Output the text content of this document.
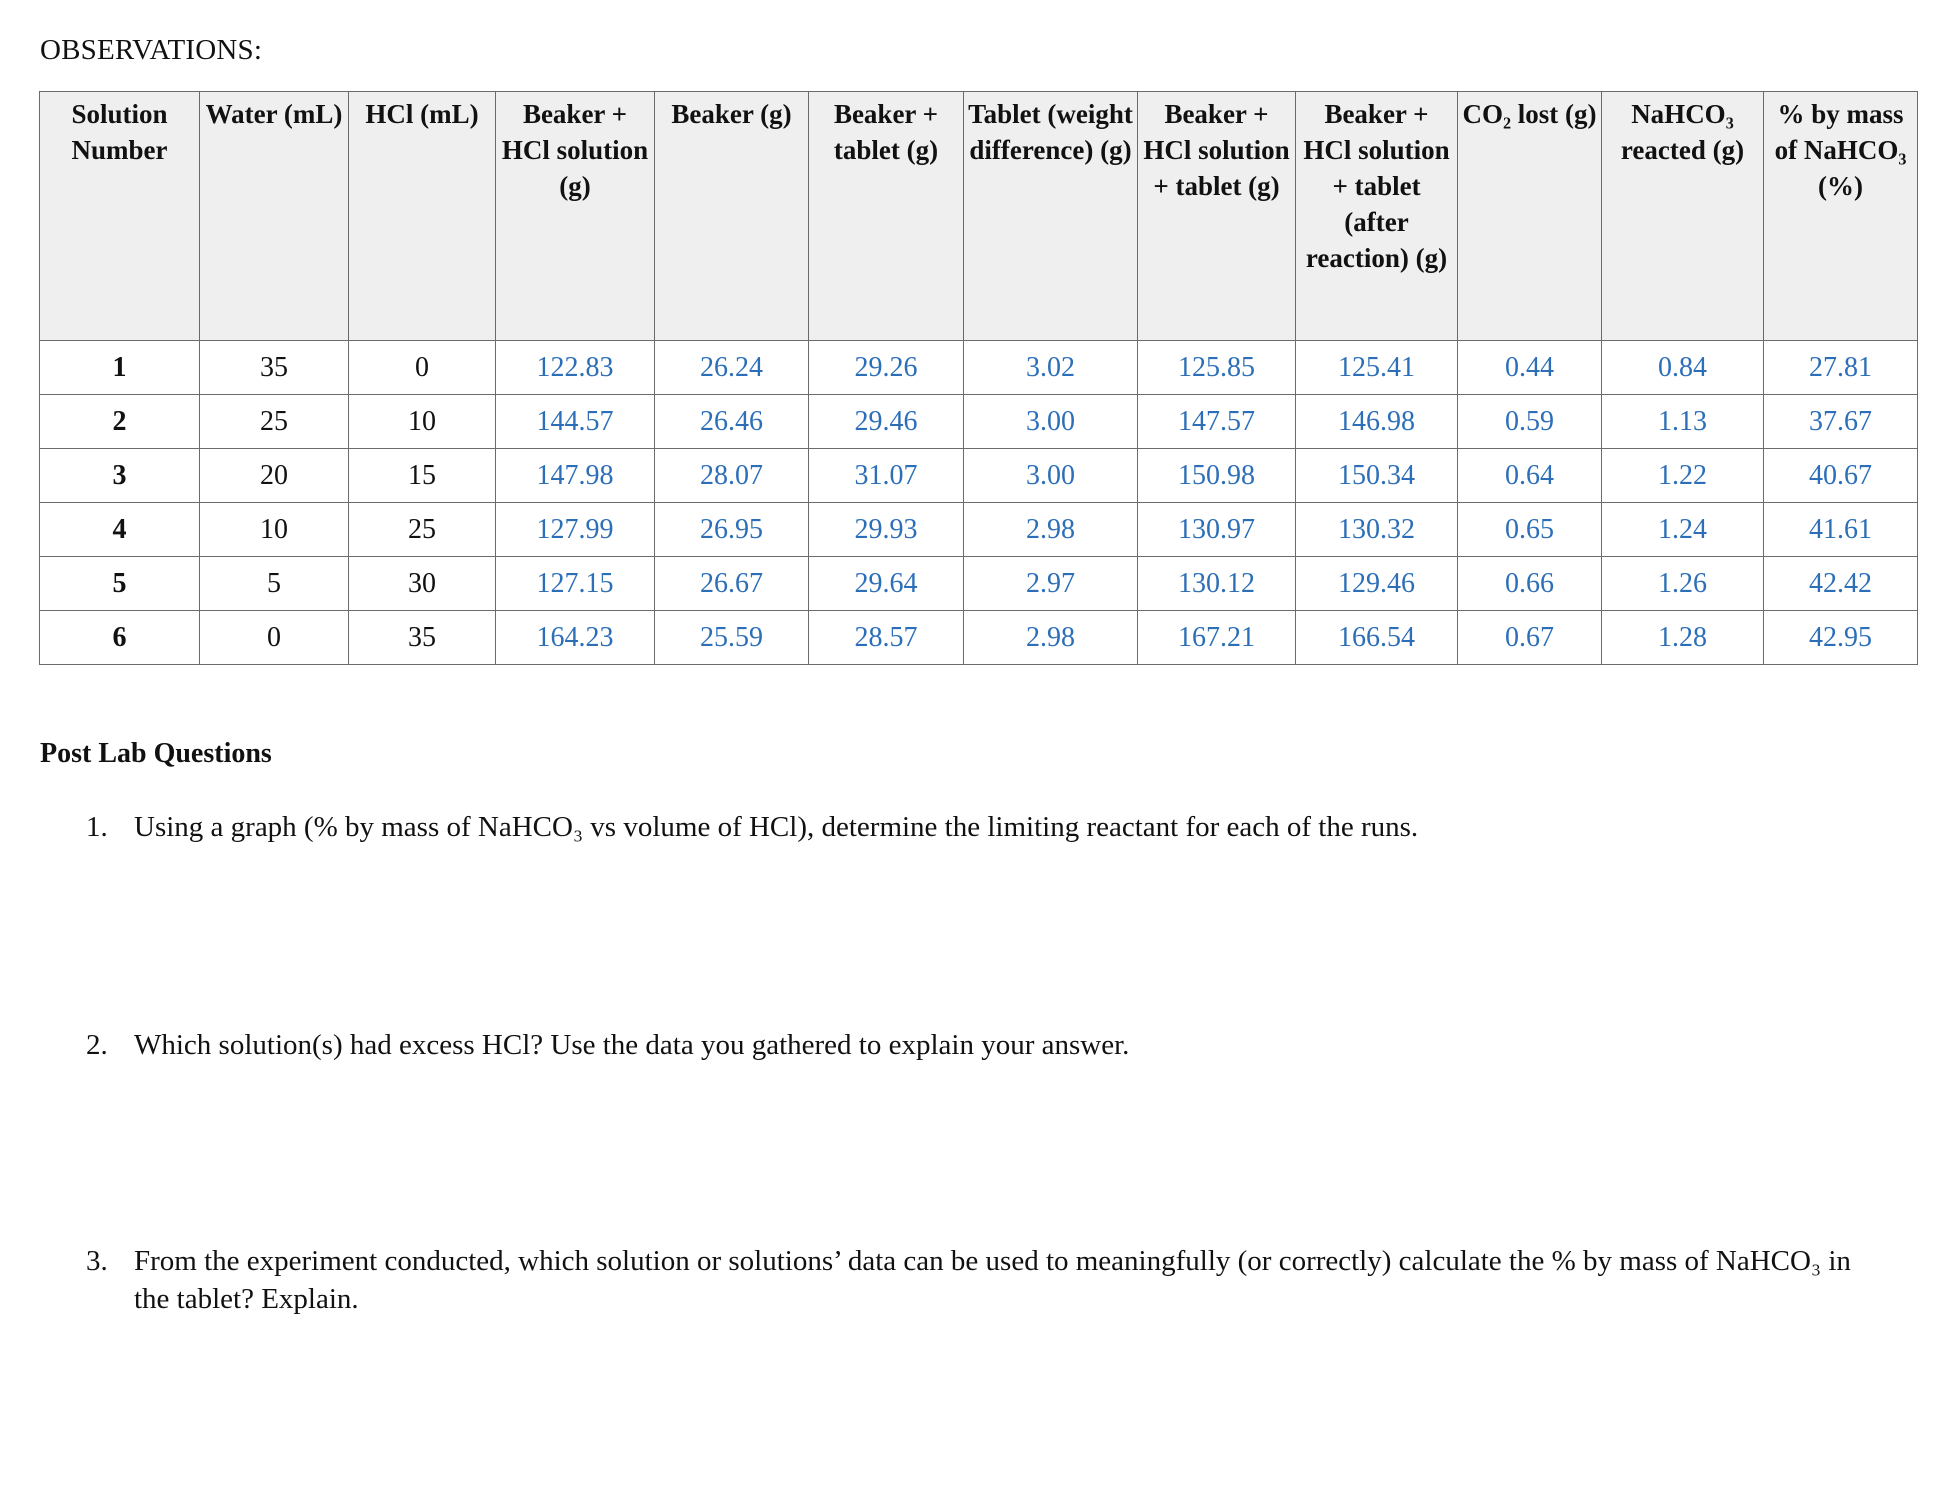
OBSERVATIONS:
Solution Number	Water (mL)	HCl (mL)	Beaker + HCl solution (g)	Beaker (g)	Beaker + tablet (g)	Tablet (weight difference) (g)	Beaker + HCl solution + tablet (g)	Beaker + HCl solution + tablet (after reaction) (g)	CO₂ lost (g)	NaHCO₃ reacted (g)	% by mass of NaHCO₃ (%)
1	35	0	122.83	26.24	29.26	3.02	125.85	125.41	0.44	0.84	27.81
2	25	10	144.57	26.46	29.46	3.00	147.57	146.98	0.59	1.13	37.67
3	20	15	147.98	28.07	31.07	3.00	150.98	150.34	0.64	1.22	40.67
4	10	25	127.99	26.95	29.93	2.98	130.97	130.32	0.65	1.24	41.61
5	5	30	127.15	26.67	29.64	2.97	130.12	129.46	0.66	1.26	42.42
6	0	35	164.23	25.59	28.57	2.98	167.21	166.54	0.67	1.28	42.95
Post Lab Questions
1. Using a graph (% by mass of NaHCO₃ vs volume of HCl), determine the limiting reactant for each of the runs.
2. Which solution(s) had excess HCl? Use the data you gathered to explain your answer.
3. From the experiment conducted, which solution or solutions’ data can be used to meaningfully (or correctly) calculate the % by mass of NaHCO₃ in the tablet? Explain.
